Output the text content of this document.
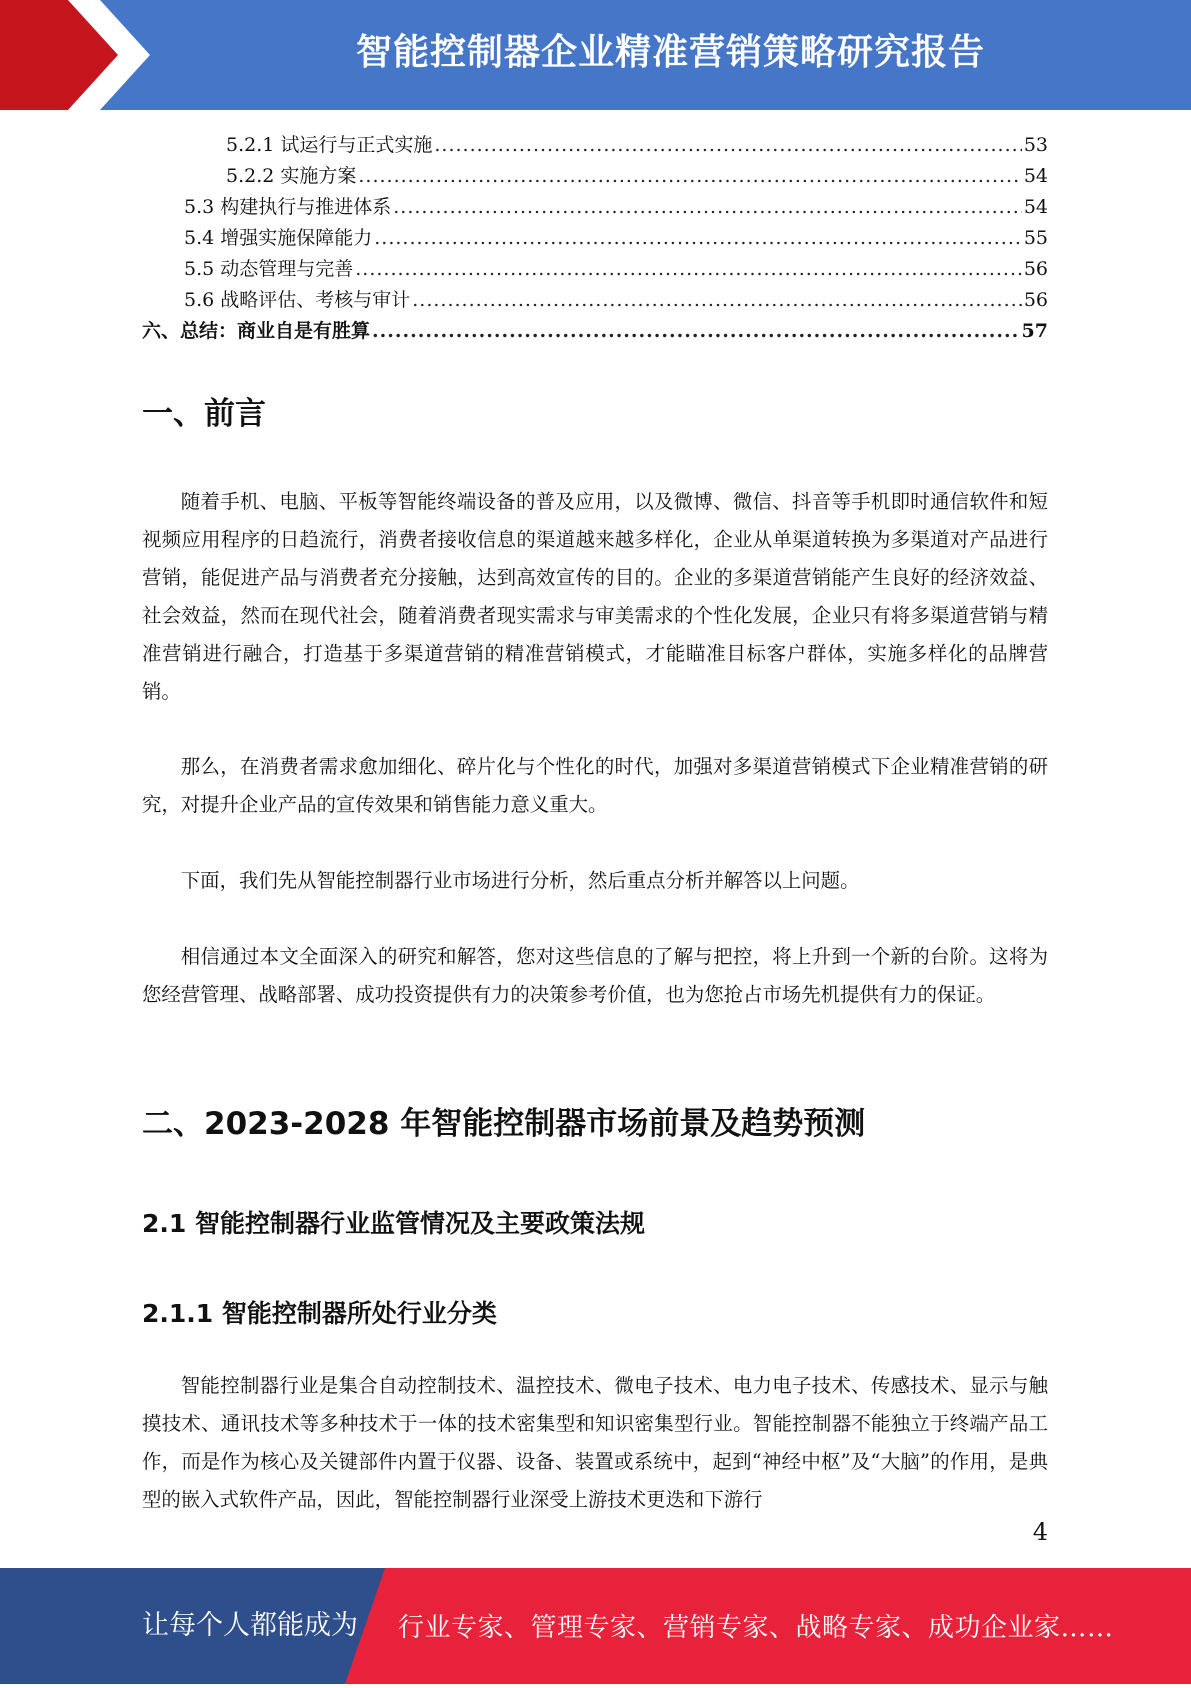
智能控制器企业精准营销策略研究报告
5.2.1 试运行与正式实施 .....	53
5.2.2 实施方案 .....	54
5.3 构建执行与推进体系 .....	54
5.4 增强实施保障能力 .....	55
5.5 动态管理与完善 .....	56
5.6 战略评估、考核与审计 .....	56
六、总结：商业自是有胜算 .....	57
一、前言

随着手机、电脑、平板等智能终端设备的普及应用，以及微博、微信、抖音等手机即时通信软件和短视频应用程序的日趋流行，消费者接收信息的渠道越来越多样化，企业从单渠道转换为多渠道对产品进行营销，能促进产品与消费者充分接触，达到高效宣传的目的。企业的多渠道营销能产生良好的经济效益、社会效益，然而在现代社会，随着消费者现实需求与审美需求的个性化发展，企业只有将多渠道营销与精准营销进行融合，打造基于多渠道营销的精准营销模式，才能瞄准目标客户群体，实施多样化的品牌营销。

那么，在消费者需求愈加细化、碎片化与个性化的时代，加强对多渠道营销模式下企业精准营销的研究，对提升企业产品的宣传效果和销售能力意义重大。

下面，我们先从智能控制器行业市场进行分析，然后重点分析并解答以上问题。

相信通过本文全面深入的研究和解答，您对这些信息的了解与把控，将上升到一个新的台阶。这将为您经营管理、战略部署、成功投资提供有力的决策参考价值，也为您抢占市场先机提供有力的保证。

二、2023-2028 年智能控制器市场前景及趋势预测
2.1 智能控制器行业监管情况及主要政策法规
2.1.1 智能控制器所处行业分类

智能控制器行业是集合自动控制技术、温控技术、微电子技术、电力电子技术、传感技术、显示与触摸技术、通讯技术等多种技术于一体的技术密集型和知识密集型行业。智能控制器不能独立于终端产品工作，而是作为核心及关键部件内置于仪器、设备、装置或系统中，起到“神经中枢”及“大脑”的作用，是典型的嵌入式软件产品，因此，智能控制器行业深受上游技术更迭和下游行

4
让每个人都能成为 行业专家、管理专家、营销专家、战略专家、成功企业家……
